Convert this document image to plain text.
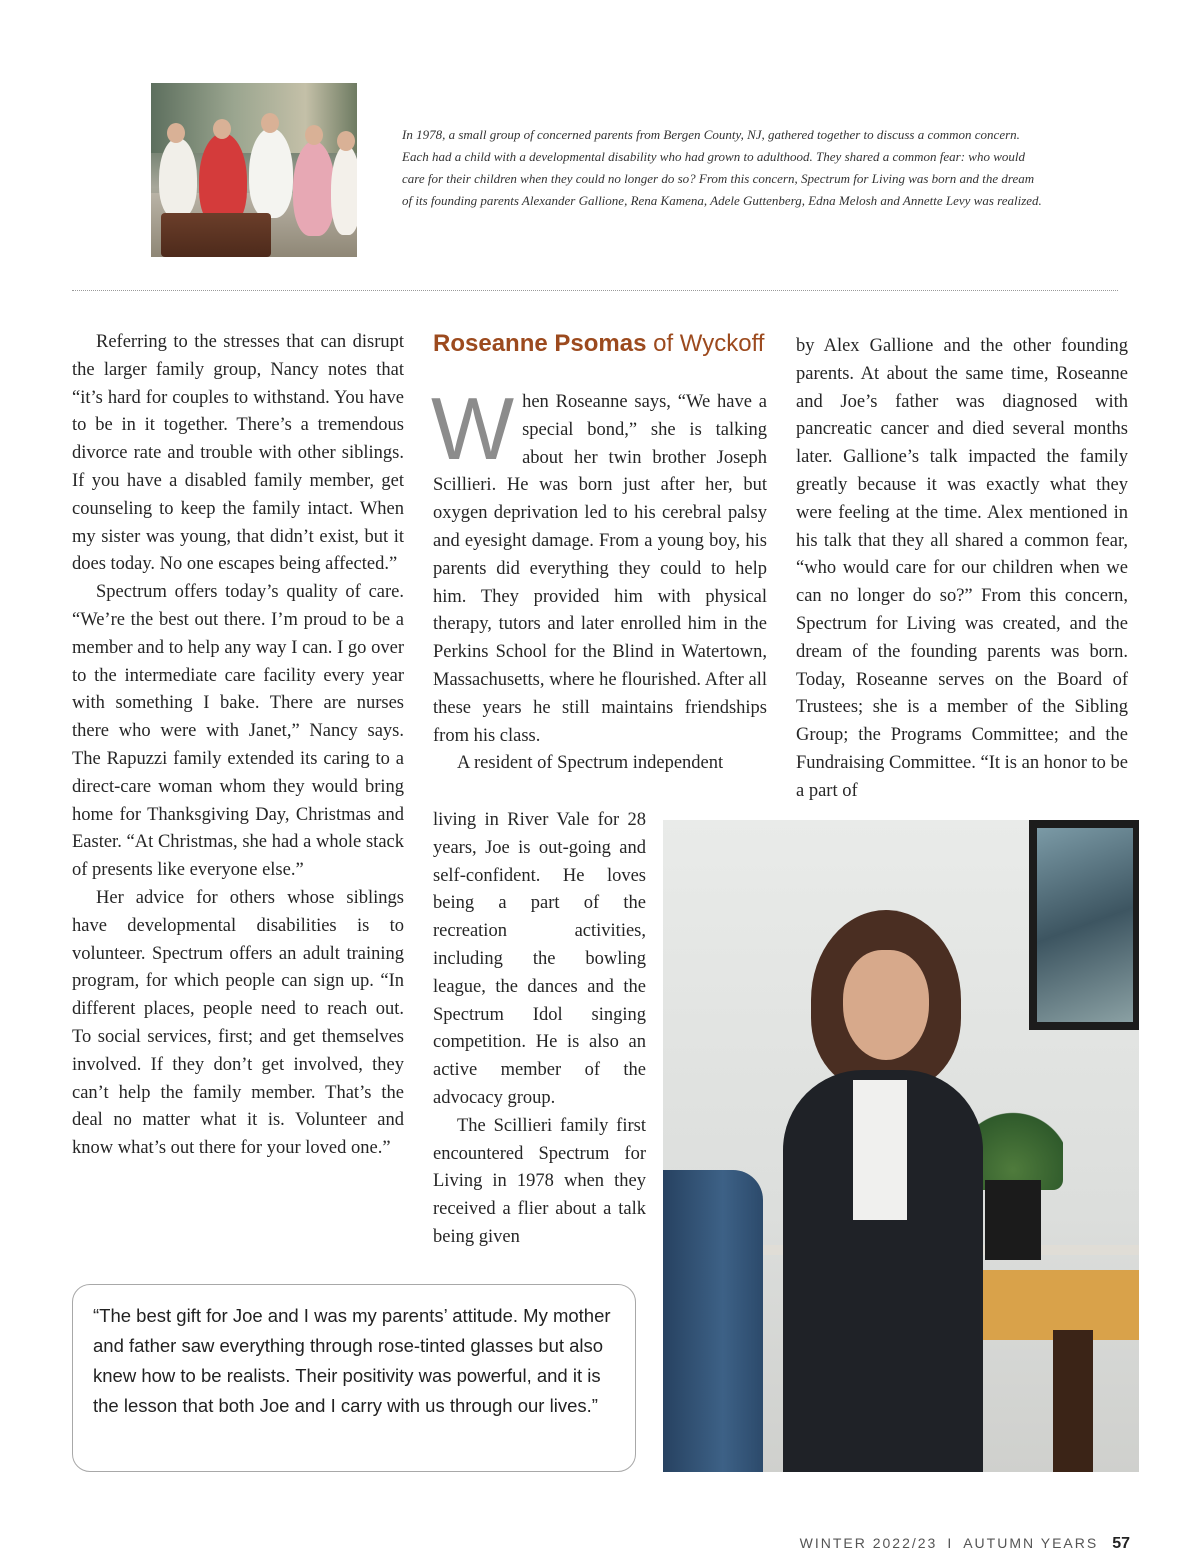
In 1978, a small group of concerned parents from Bergen County, NJ, gathered together to discuss a common concern. Each had a child with a developmental disability who had grown to adulthood. They shared a common fear: who would care for their children when they could no longer do so? From this concern, Spectrum for Living was born and the dream of its founding parents Alexander Gallione, Rena Kamena, Adele Guttenberg, Edna Melosh and Annette Levy was realized.

Referring to the stresses that can disrupt the larger family group, Nancy notes that “it’s hard for couples to withstand. You have to be in it together. There’s a tremendous divorce rate and trouble with other siblings. If you have a disabled family member, get counseling to keep the family intact. When my sister was young, that didn’t exist, but it does today. No one escapes being affected.”

Spectrum offers today’s quality of care. “We’re the best out there. I’m proud to be a member and to help any way I can. I go over to the intermediate care facility every year with something I bake. There are nurses there who were with Janet,” Nancy says. The Rapuzzi family extended its caring to a direct-care woman whom they would bring home for Thanksgiving Day, Christmas and Easter. “At Christmas, she had a whole stack of presents like everyone else.”

Her advice for others whose siblings have developmental disabilities is to volunteer. Spectrum offers an adult training program, for which people can sign up. “In different places, people need to reach out. To social services, first; and get themselves involved. If they don’t get involved, they can’t help the family member. That’s the deal no matter what it is. Volunteer and know what’s out there for your loved one.”

Roseanne Psomas of Wyckoff

When Roseanne says, “We have a special bond,” she is talking about her twin brother Joseph Scillieri. He was born just after her, but oxygen deprivation led to his cerebral palsy and eyesight damage. From a young boy, his parents did everything they could to help him. They provided him with physical therapy, tutors and later enrolled him in the Perkins School for the Blind in Watertown, Massachusetts, where he flourished. After all these years he still maintains friendships from his class.

A resident of Spectrum independent

living in River Vale for 28 years, Joe is out-going and self-confident. He loves being a part of the recreation activities, including the bowling league, the dances and the Spectrum Idol singing competition. He is also an active member of the advocacy group.

The Scillieri family first encountered Spectrum for Living in 1978 when they received a flier about a talk being given

by Alex Gallione and the other founding parents. At about the same time, Roseanne and Joe’s father was diagnosed with pancreatic cancer and died several months later. Gallione’s talk impacted the family greatly because it was exactly what they were feeling at the time. Alex mentioned in his talk that they all shared a common fear, “who would care for our children when we can no longer do so?” From this concern, Spectrum for Living was created, and the dream of the founding parents was born. Today, Roseanne serves on the Board of Trustees; she is a member of the Sibling Group; the Programs Committee; and the Fundraising Committee. “It is an honor to be a part of

“The best gift for Joe and I was my parents’ attitude. My mother and father saw everything through rose-tinted glasses but also knew how to be realists. Their positivity was powerful, and it is the lesson that both Joe and I carry with us through our lives.”
WINTER 2022/23 I AUTUMN YEARS 57
